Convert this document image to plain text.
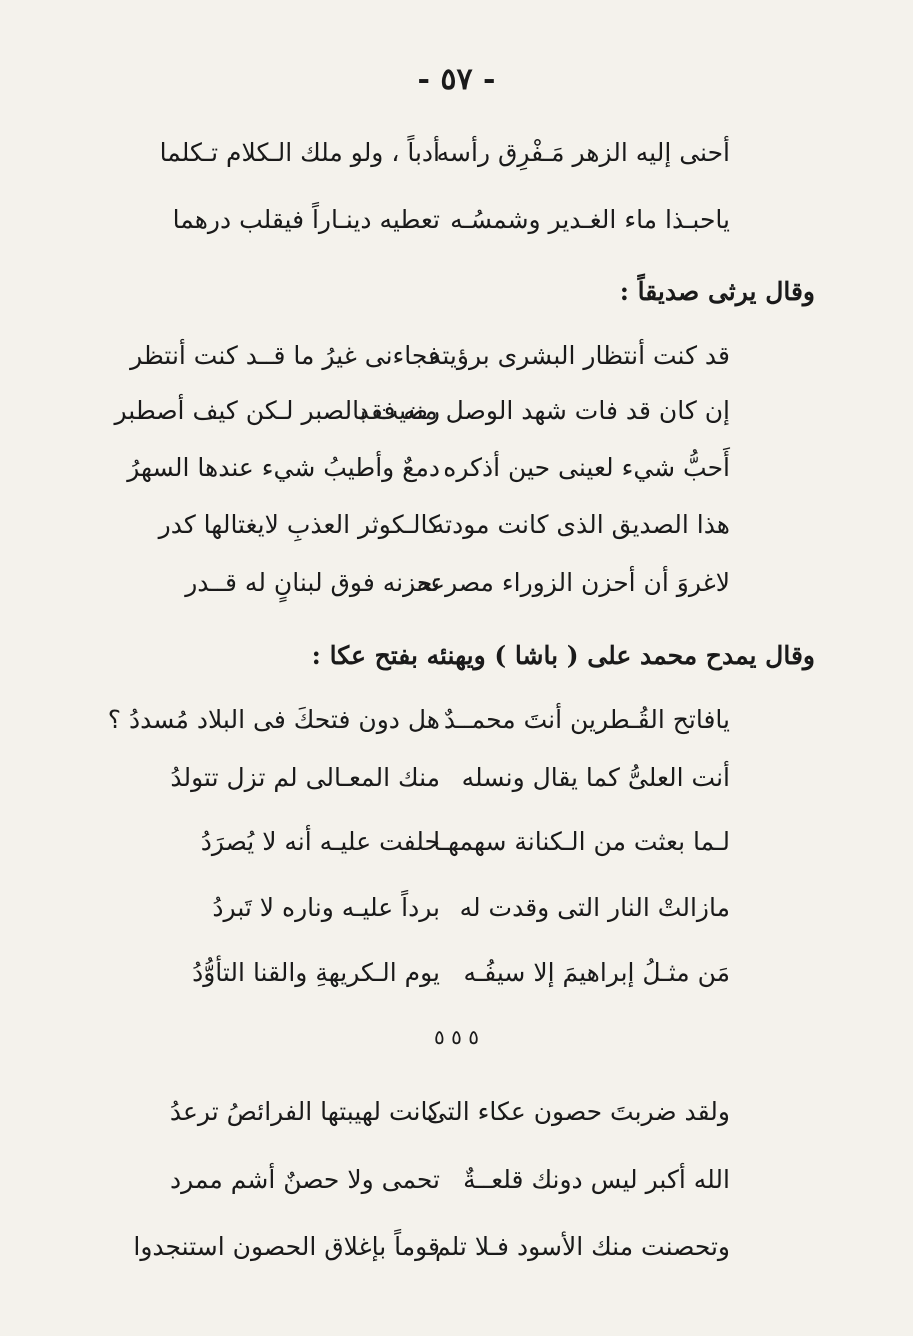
- ٥٧ -
أحنى إليه الزهر مَـفْرِق رأسه
أدباً ، ولو ملك الـكلام تـكلما
ياحبـذا ماء الغـدير وشمسُـه
تعطيه دينـاراً فيقلب درهما
وقال يرثى صديقاً :
قد كنت أنتظار البشرى برؤيته
فجاءنى غيرُ ما قــد كنت أنتظر
إن كان قد فات شهد الوصل منه فقد
رضيت بالصبر لـكن كيف أصطبر
أَحبُّ شيء لعينى حين أذكره
دمعٌ وأطيبُ شيء عندها السهرُ
هذا الصديق الذى كانت مودته
كالـكوثر العذبِ لايغتالها كدر
لاغروَ أن أحزن الزوراء مصرعه
تحزنه فوق لبنانٍ له قــدر
وقال يمدح محمد على ( باشا ) ويهنئه بفتح عكا :
يافاتح القُـطرين أنتَ محمــدٌ
هل دون فتحكَ فى البلاد مُسددُ ؟
أنت العلىُّ كما يقال ونسله
منك المعـالى لم تزل تتولدُ
لـما بعثت من الـكنانة سهمهـا
حلفت عليـه أنه لا يُصرَدُ
مازالتْ النار التى وقدت له
برداً عليـه وناره لا تَبردُ
مَن مثـلُ إبراهيمَ إلا سيفُـه
يوم الـكريهةِ والقنا التأوُّدُ
٥ ٥ ٥
ولقد ضربتَ حصون عكاء التى
كانت لهيبتها الفرائصُ ترعدُ
الله أكبر ليس دونك قلعــةٌ
تحمى ولا حصنٌ أشم ممرد
وتحصنت منك الأسود فـلا تلم
قوماً بإغلاق الحصون استنجدوا
